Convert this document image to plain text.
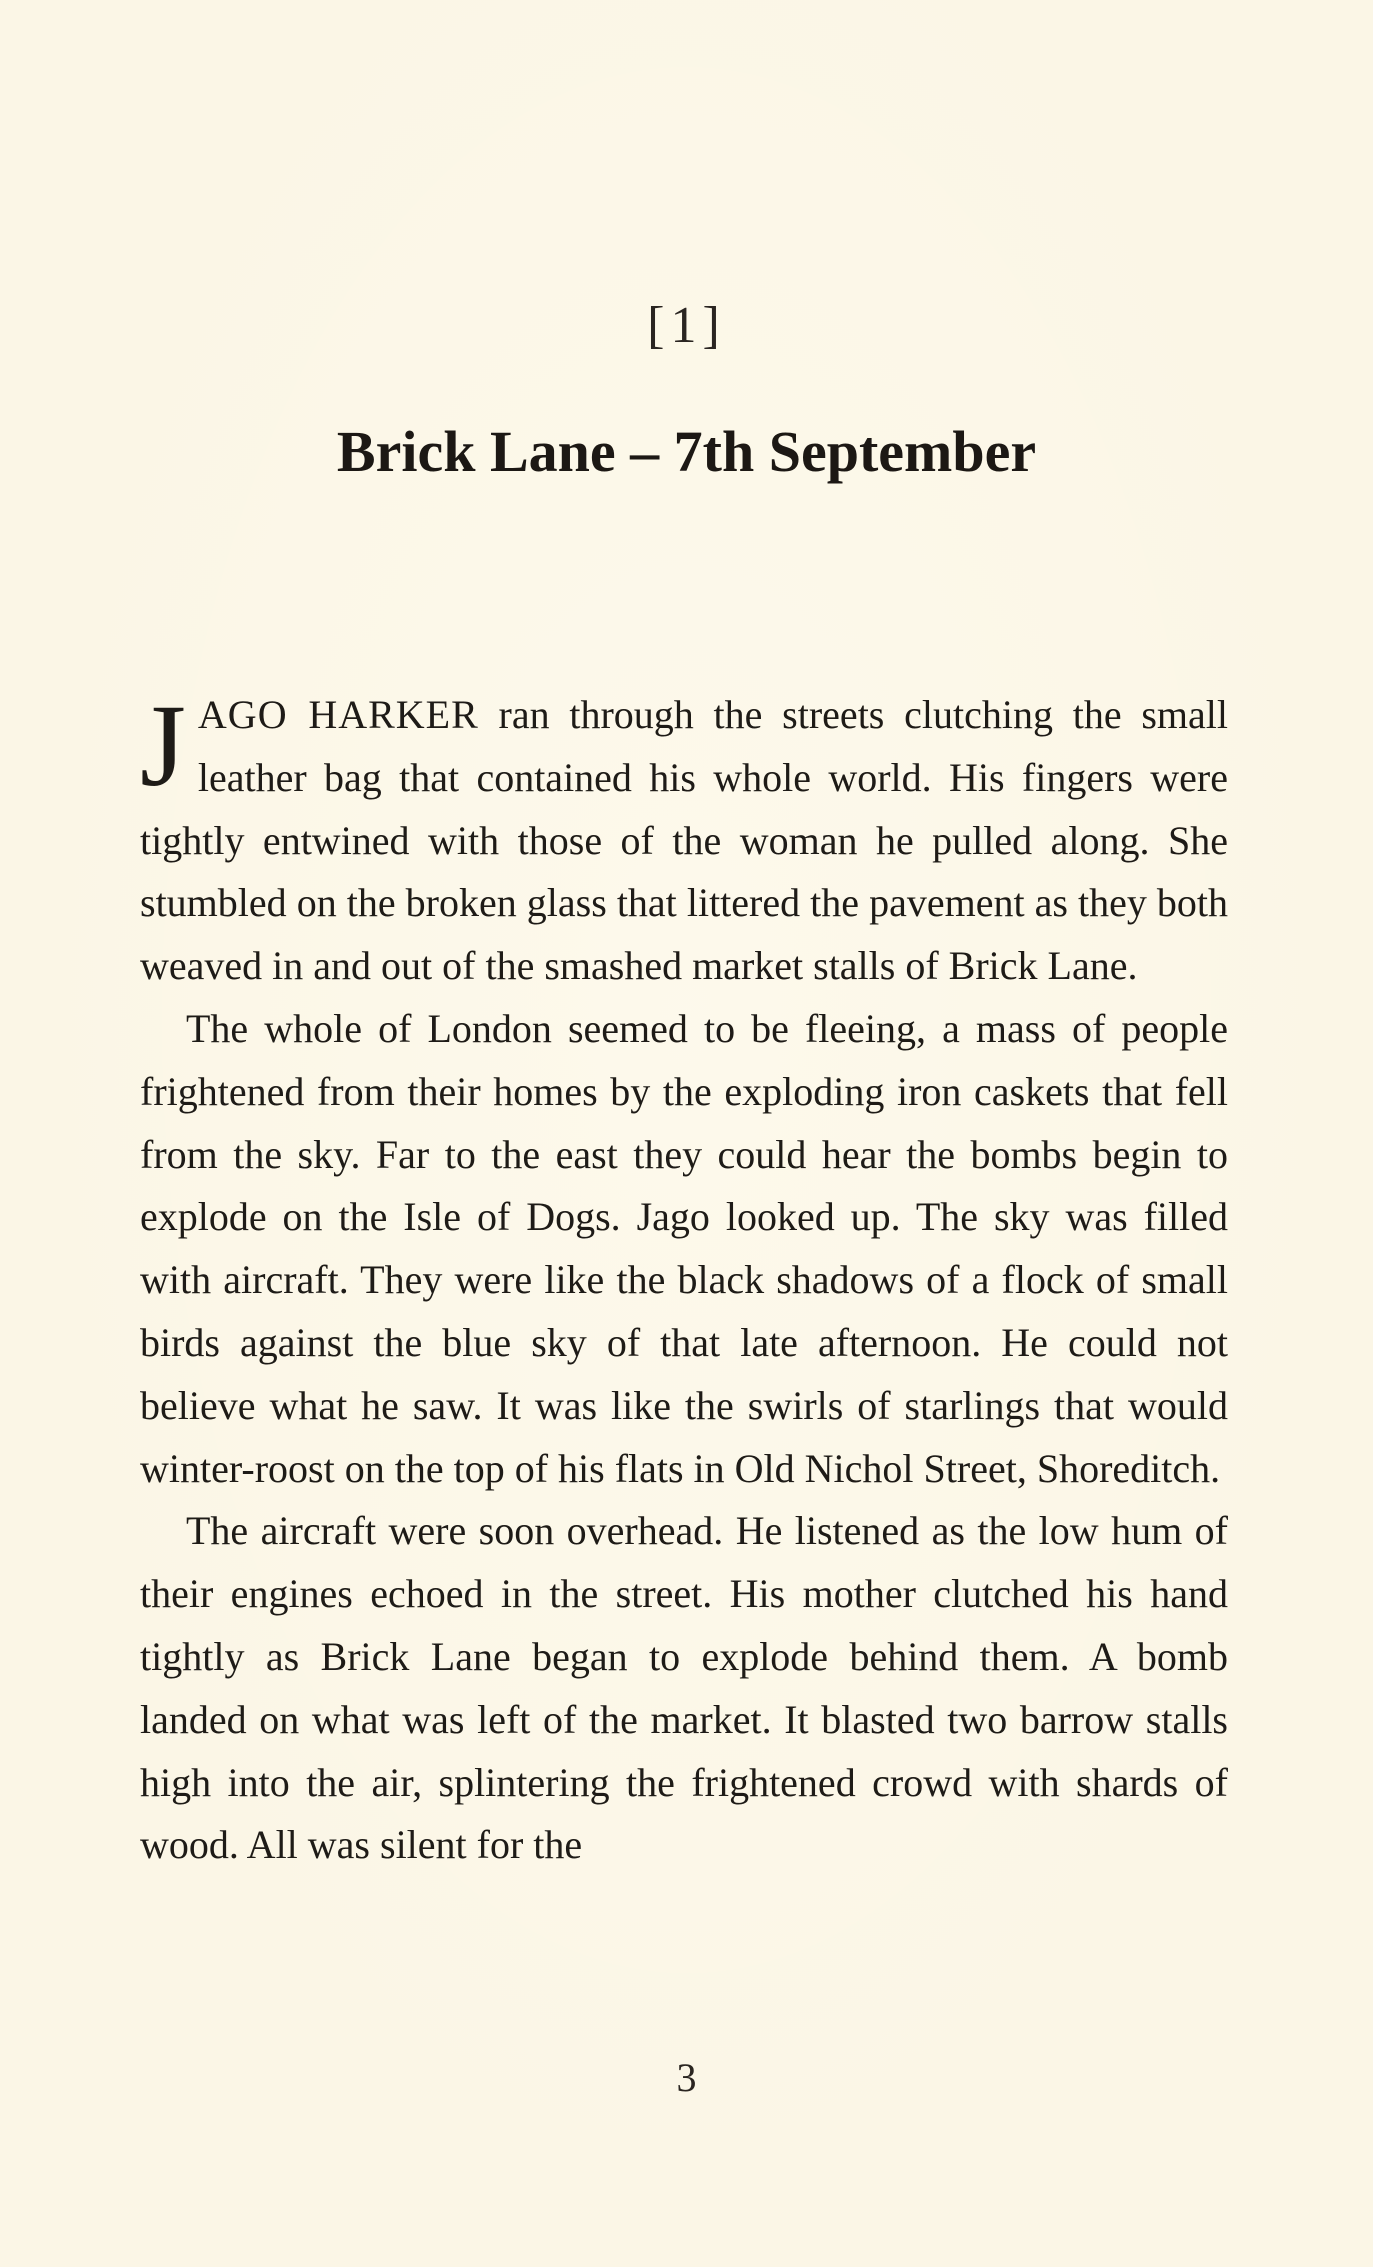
[1]
Brick Lane – 7th September

JAGO HARKER ran through the streets clutching the small leather bag that contained his whole world. His fingers were tightly entwined with those of the woman he pulled along. She stumbled on the broken glass that littered the pavement as they both weaved in and out of the smashed market stalls of Brick Lane.

The whole of London seemed to be fleeing, a mass of people frightened from their homes by the exploding iron caskets that fell from the sky. Far to the east they could hear the bombs begin to explode on the Isle of Dogs. Jago looked up. The sky was filled with aircraft. They were like the black shadows of a flock of small birds against the blue sky of that late afternoon. He could not believe what he saw. It was like the swirls of starlings that would winter-roost on the top of his flats in Old Nichol Street, Shoreditch.

The aircraft were soon overhead. He listened as the low hum of their engines echoed in the street. His mother clutched his hand tightly as Brick Lane began to explode behind them. A bomb landed on what was left of the market. It blasted two barrow stalls high into the air, splintering the frightened crowd with shards of wood. All was silent for the

3
